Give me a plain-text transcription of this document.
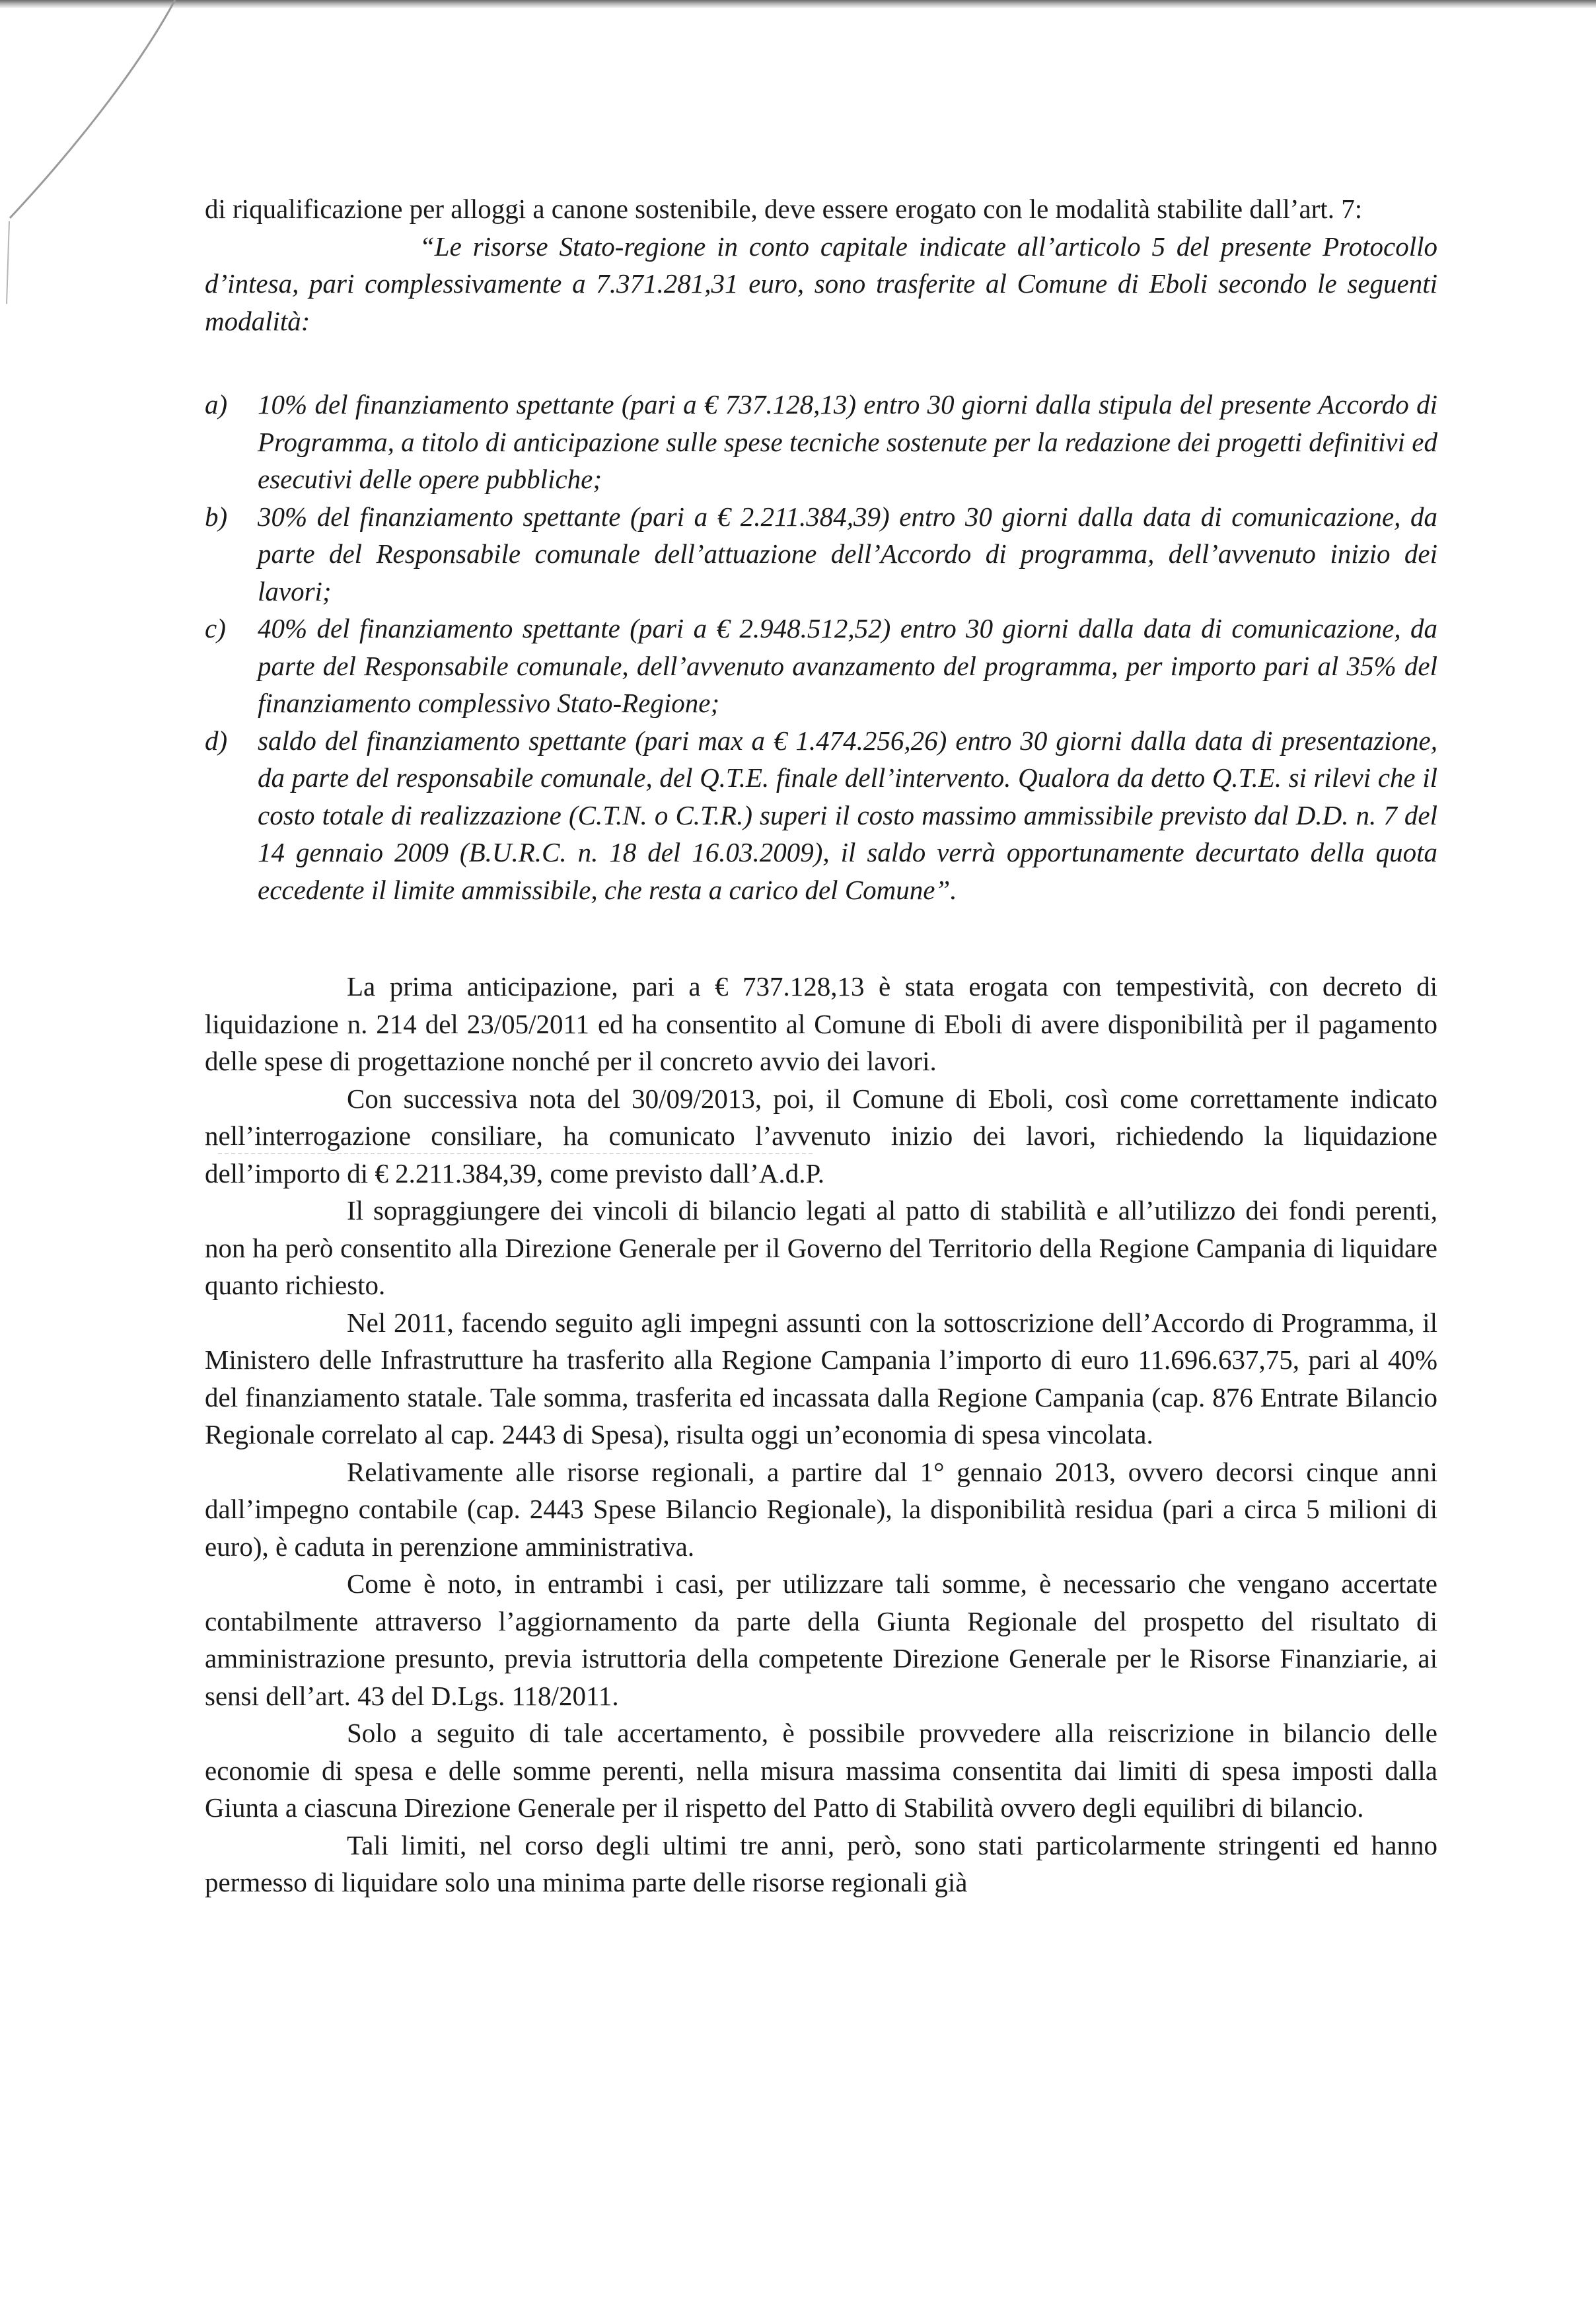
di riqualificazione per alloggi a canone sostenibile, deve essere erogato con le modalità stabilite dall’art. 7:

“Le risorse Stato-regione in conto capitale indicate all’articolo 5 del presente Protocollo d’intesa, pari complessivamente a 7.371.281,31 euro, sono trasferite al Comune di Eboli secondo le seguenti modalità:

a) 10% del finanziamento spettante (pari a € 737.128,13) entro 30 giorni dalla stipula del presente Accordo di Programma, a titolo di anticipazione sulle spese tecniche sostenute per la redazione dei progetti definitivi ed esecutivi delle opere pubbliche;
b) 30% del finanziamento spettante (pari a € 2.211.384,39) entro 30 giorni dalla data di comunicazione, da parte del Responsabile comunale dell’attuazione dell’Accordo di programma, dell’avvenuto inizio dei lavori;
c) 40% del finanziamento spettante (pari a € 2.948.512,52) entro 30 giorni dalla data di comunicazione, da parte del Responsabile comunale, dell’avvenuto avanzamento del programma, per importo pari al 35% del finanziamento complessivo Stato-Regione;
d) saldo del finanziamento spettante (pari max a € 1.474.256,26) entro 30 giorni dalla data di presentazione, da parte del responsabile comunale, del Q.T.E. finale dell’intervento. Qualora da detto Q.T.E. si rilevi che il costo totale di realizzazione (C.T.N. o C.T.R.) superi il costo massimo ammissibile previsto dal D.D. n. 7 del 14 gennaio 2009 (B.U.R.C. n. 18 del 16.03.2009), il saldo verrà opportunamente decurtato della quota eccedente il limite ammissibile, che resta a carico del Comune”.

La prima anticipazione, pari a € 737.128,13 è stata erogata con tempestività, con decreto di liquidazione n. 214 del 23/05/2011 ed ha consentito al Comune di Eboli di avere disponibilità per il pagamento delle spese di progettazione nonché per il concreto avvio dei lavori.

Con successiva nota del 30/09/2013, poi, il Comune di Eboli, così come correttamente indicato nell’interrogazione consiliare, ha comunicato l’avvenuto inizio dei lavori, richiedendo la liquidazione dell’importo di € 2.211.384,39, come previsto dall’A.d.P.

Il sopraggiungere dei vincoli di bilancio legati al patto di stabilità e all’utilizzo dei fondi perenti, non ha però consentito alla Direzione Generale per il Governo del Territorio della Regione Campania di liquidare quanto richiesto.

Nel 2011, facendo seguito agli impegni assunti con la sottoscrizione dell’Accordo di Programma, il Ministero delle Infrastrutture ha trasferito alla Regione Campania l’importo di euro 11.696.637,75, pari al 40% del finanziamento statale. Tale somma, trasferita ed incassata dalla Regione Campania (cap. 876 Entrate Bilancio Regionale correlato al cap. 2443 di Spesa), risulta oggi un’economia di spesa vincolata.

Relativamente alle risorse regionali, a partire dal 1° gennaio 2013, ovvero decorsi cinque anni dall’impegno contabile (cap. 2443 Spese Bilancio Regionale), la disponibilità residua (pari a circa 5 milioni di euro), è caduta in perenzione amministrativa.

Come è noto, in entrambi i casi, per utilizzare tali somme, è necessario che vengano accertate contabilmente attraverso l’aggiornamento da parte della Giunta Regionale del prospetto del risultato di amministrazione presunto, previa istruttoria della competente Direzione Generale per le Risorse Finanziarie, ai sensi dell’art. 43 del D.Lgs. 118/2011.

Solo a seguito di tale accertamento, è possibile provvedere alla reiscrizione in bilancio delle economie di spesa e delle somme perenti, nella misura massima consentita dai limiti di spesa imposti dalla Giunta a ciascuna Direzione Generale per il rispetto del Patto di Stabilità ovvero degli equilibri di bilancio.

Tali limiti, nel corso degli ultimi tre anni, però, sono stati particolarmente stringenti ed hanno permesso di liquidare solo una minima parte delle risorse regionali già
